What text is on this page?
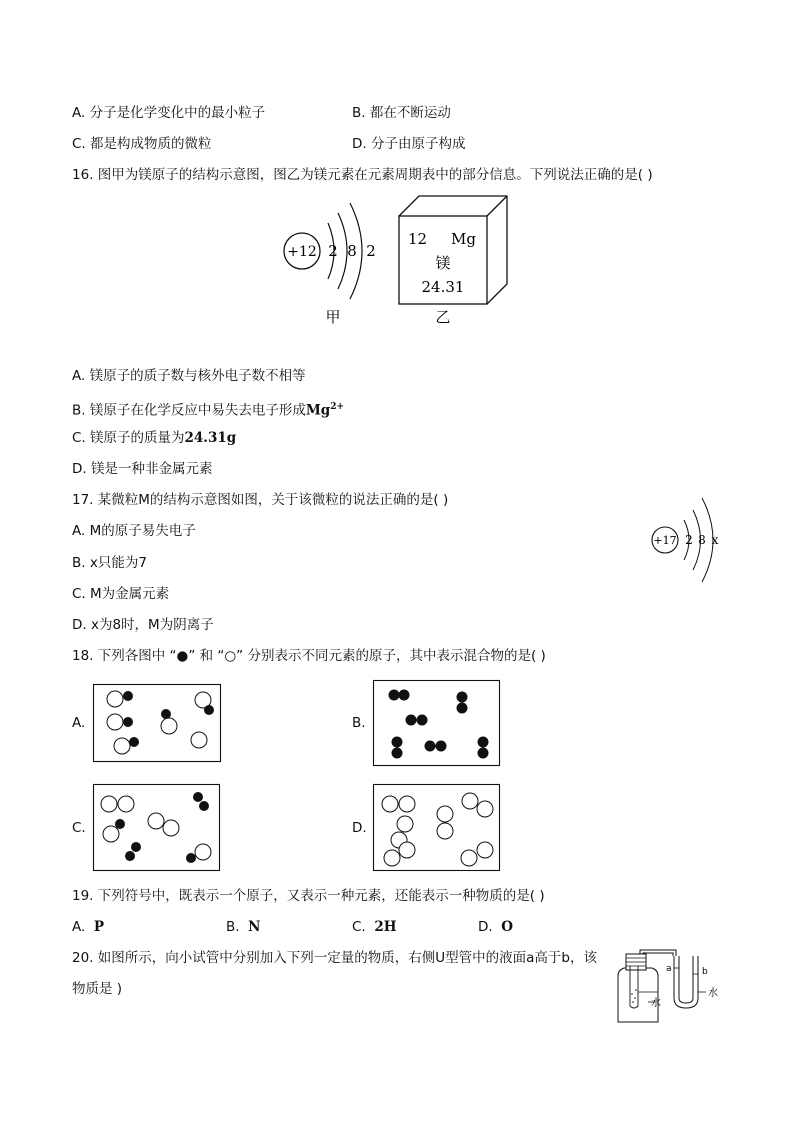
A. 分子是化学变化中的最小粒子	B. 都在不断运动
C. 都是构成物质的微粒	D. 分子由原子构成
16. 图甲为镁原子的结构示意图，图乙为镁元素在元素周期表中的部分信息。下列说法正确的是( )
+12 2 8 2
甲
12 Mg
镁
24.31
乙
A. 镁原子的质子数与核外电子数不相等
B. 镁原子在化学反应中易失去电子形成$Mg^{2+}$
C. 镁原子的质量为24.31g
D. 镁是一种非金属元素
17. 某微粒M的结构示意图如图，关于该微粒的说法正确的是( )
A. M的原子易失电子
B. x只能为7
C. M为金属元素
D. x为8时，M为阴离子
+17 2 8 x
18. 下列各图中 “●” 和 “○” 分别表示不同元素的原子，其中表示混合物的是( )
A.	B.
C.	D.
19. 下列符号中，既表示一个原子，又表示一种元素，还能表示一种物质的是( )
A. P	B. N	C. 2H	D. O
20. 如图所示，向小试管中分别加入下列一定量的物质，右侧U型管中的液面a高于b，该
物质是 )
水
a	b
水
